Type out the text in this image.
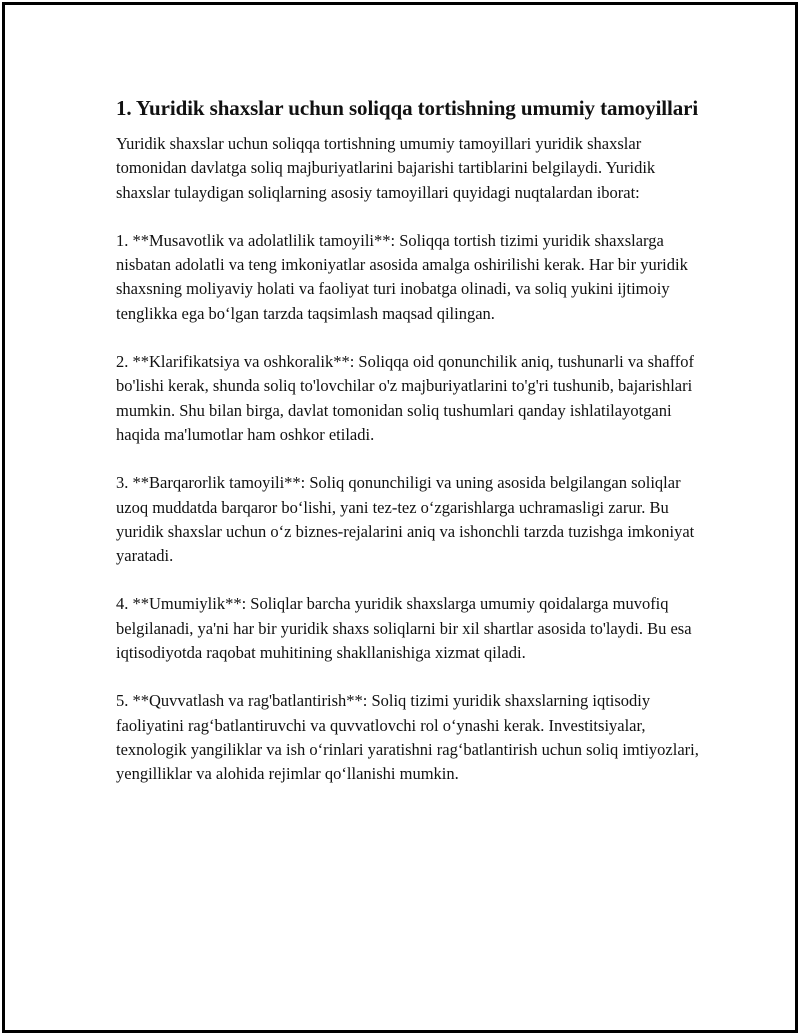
1. Yuridik shaxslar uchun soliqqa tortishning umumiy tamoyillari

Yuridik shaxslar uchun soliqqa tortishning umumiy tamoyillari yuridik shaxslar tomonidan davlatga soliq majburiyatlarini bajarishi tartiblarini belgilaydi. Yuridik shaxslar tulaydigan soliqlarning asosiy tamoyillari quyidagi nuqtalardan iborat:

1. **Musavotlik va adolatlilik tamoyili**: Soliqqa tortish tizimi yuridik shaxslarga nisbatan adolatli va teng imkoniyatlar asosida amalga oshirilishi kerak. Har bir yuridik shaxsning moliyaviy holati va faoliyat turi inobatga olinadi, va soliq yukini ijtimoiy tenglikka ega bo‘lgan tarzda taqsimlash maqsad qilingan.

2. **Klarifikatsiya va oshkoralik**: Soliqqa oid qonunchilik aniq, tushunarli va shaffof bo'lishi kerak, shunda soliq to'lovchilar o'z majburiyatlarini to'g'ri tushunib, bajarishlari mumkin. Shu bilan birga, davlat tomonidan soliq tushumlari qanday ishlatilayotgani haqida ma'lumotlar ham oshkor etiladi.

3. **Barqarorlik tamoyili**: Soliq qonunchiligi va uning asosida belgilangan soliqlar uzoq muddatda barqaror bo‘lishi, yani tez-tez o‘zgarishlarga uchramasligi zarur. Bu yuridik shaxslar uchun o‘z biznes-rejalarini aniq va ishonchli tarzda tuzishga imkoniyat yaratadi.

4. **Umumiylik**: Soliqlar barcha yuridik shaxslarga umumiy qoidalarga muvofiq belgilanadi, ya'ni har bir yuridik shaxs soliqlarni bir xil shartlar asosida to'laydi. Bu esa iqtisodiyotda raqobat muhitining shakllanishiga xizmat qiladi.

5. **Quvvatlash va rag'batlantirish**: Soliq tizimi yuridik shaxslarning iqtisodiy faoliyatini rag‘batlantiruvchi va quvvatlovchi rol o‘ynashi kerak. Investitsiyalar, texnologik yangiliklar va ish o‘rinlari yaratishni rag‘batlantirish uchun soliq imtiyozlari, yengilliklar va alohida rejimlar qo‘llanishi mumkin.
